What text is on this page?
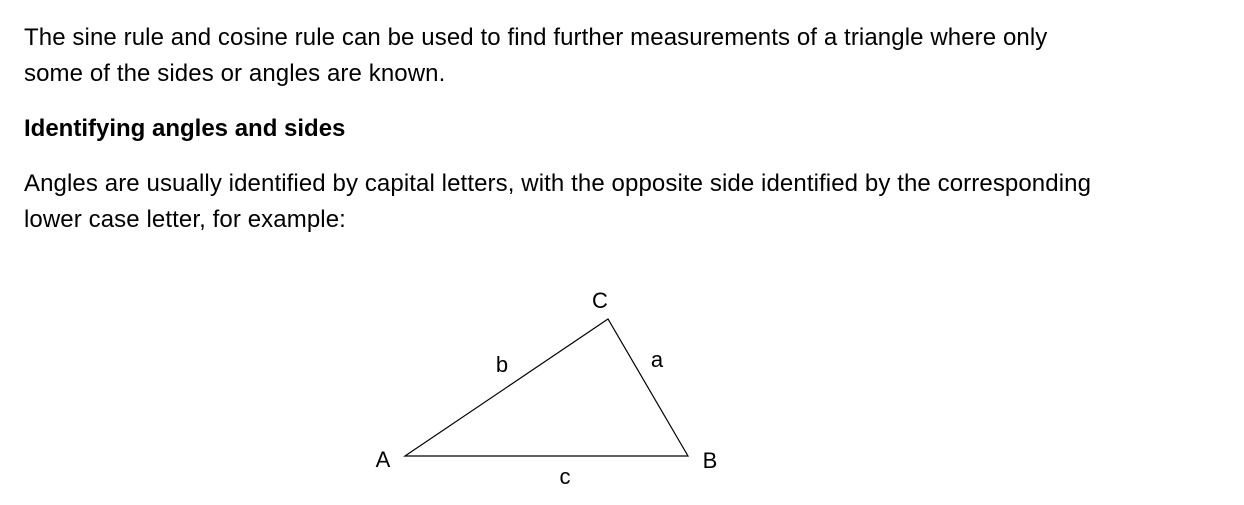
The sine rule and cosine rule can be used to find further measurements of a triangle where only
some of the sides or angles are known.

Identifying angles and sides

Angles are usually identified by capital letters, with the opposite side identified by the corresponding
lower case letter, for example:

C
b	a
A	B
c
